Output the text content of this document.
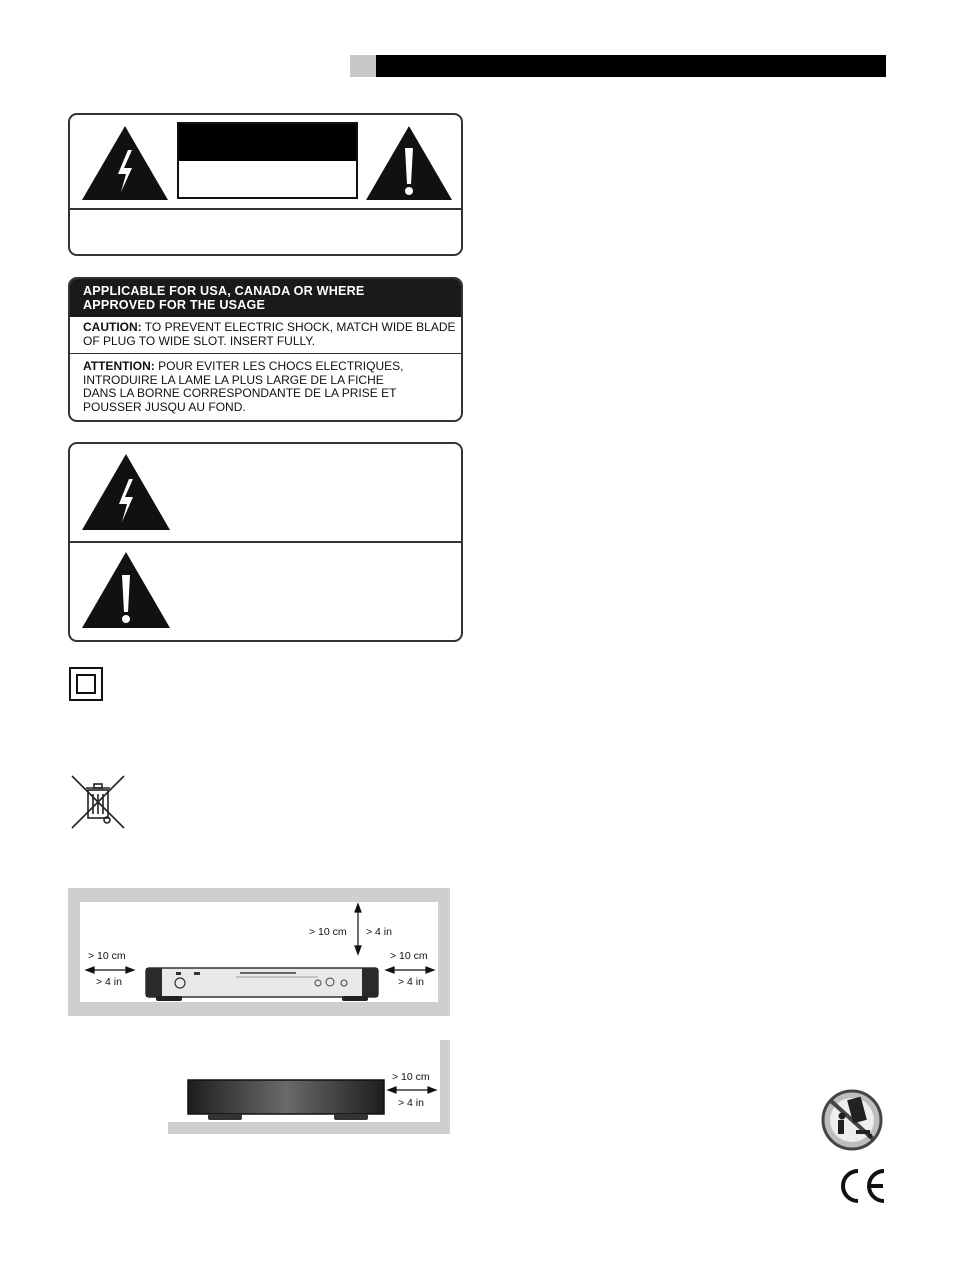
APPLICABLE FOR USA, CANADA OR WHERE
APPROVED FOR THE USAGE
CAUTION: TO PREVENT ELECTRIC SHOCK, MATCH WIDE BLADE
OF PLUG TO WIDE SLOT. INSERT FULLY.
ATTENTION: POUR EVITER LES CHOCS ELECTRIQUES,
INTRODUIRE LA LAME LA PLUS LARGE DE LA FICHE
DANS LA BORNE CORRESPONDANTE DE LA PRISE ET
POUSSER JUSQU AU FOND.
> 10 cm > 4 in
> 10 cm
> 4 in
> 10 cm
> 4 in
> 10 cm
> 4 in
